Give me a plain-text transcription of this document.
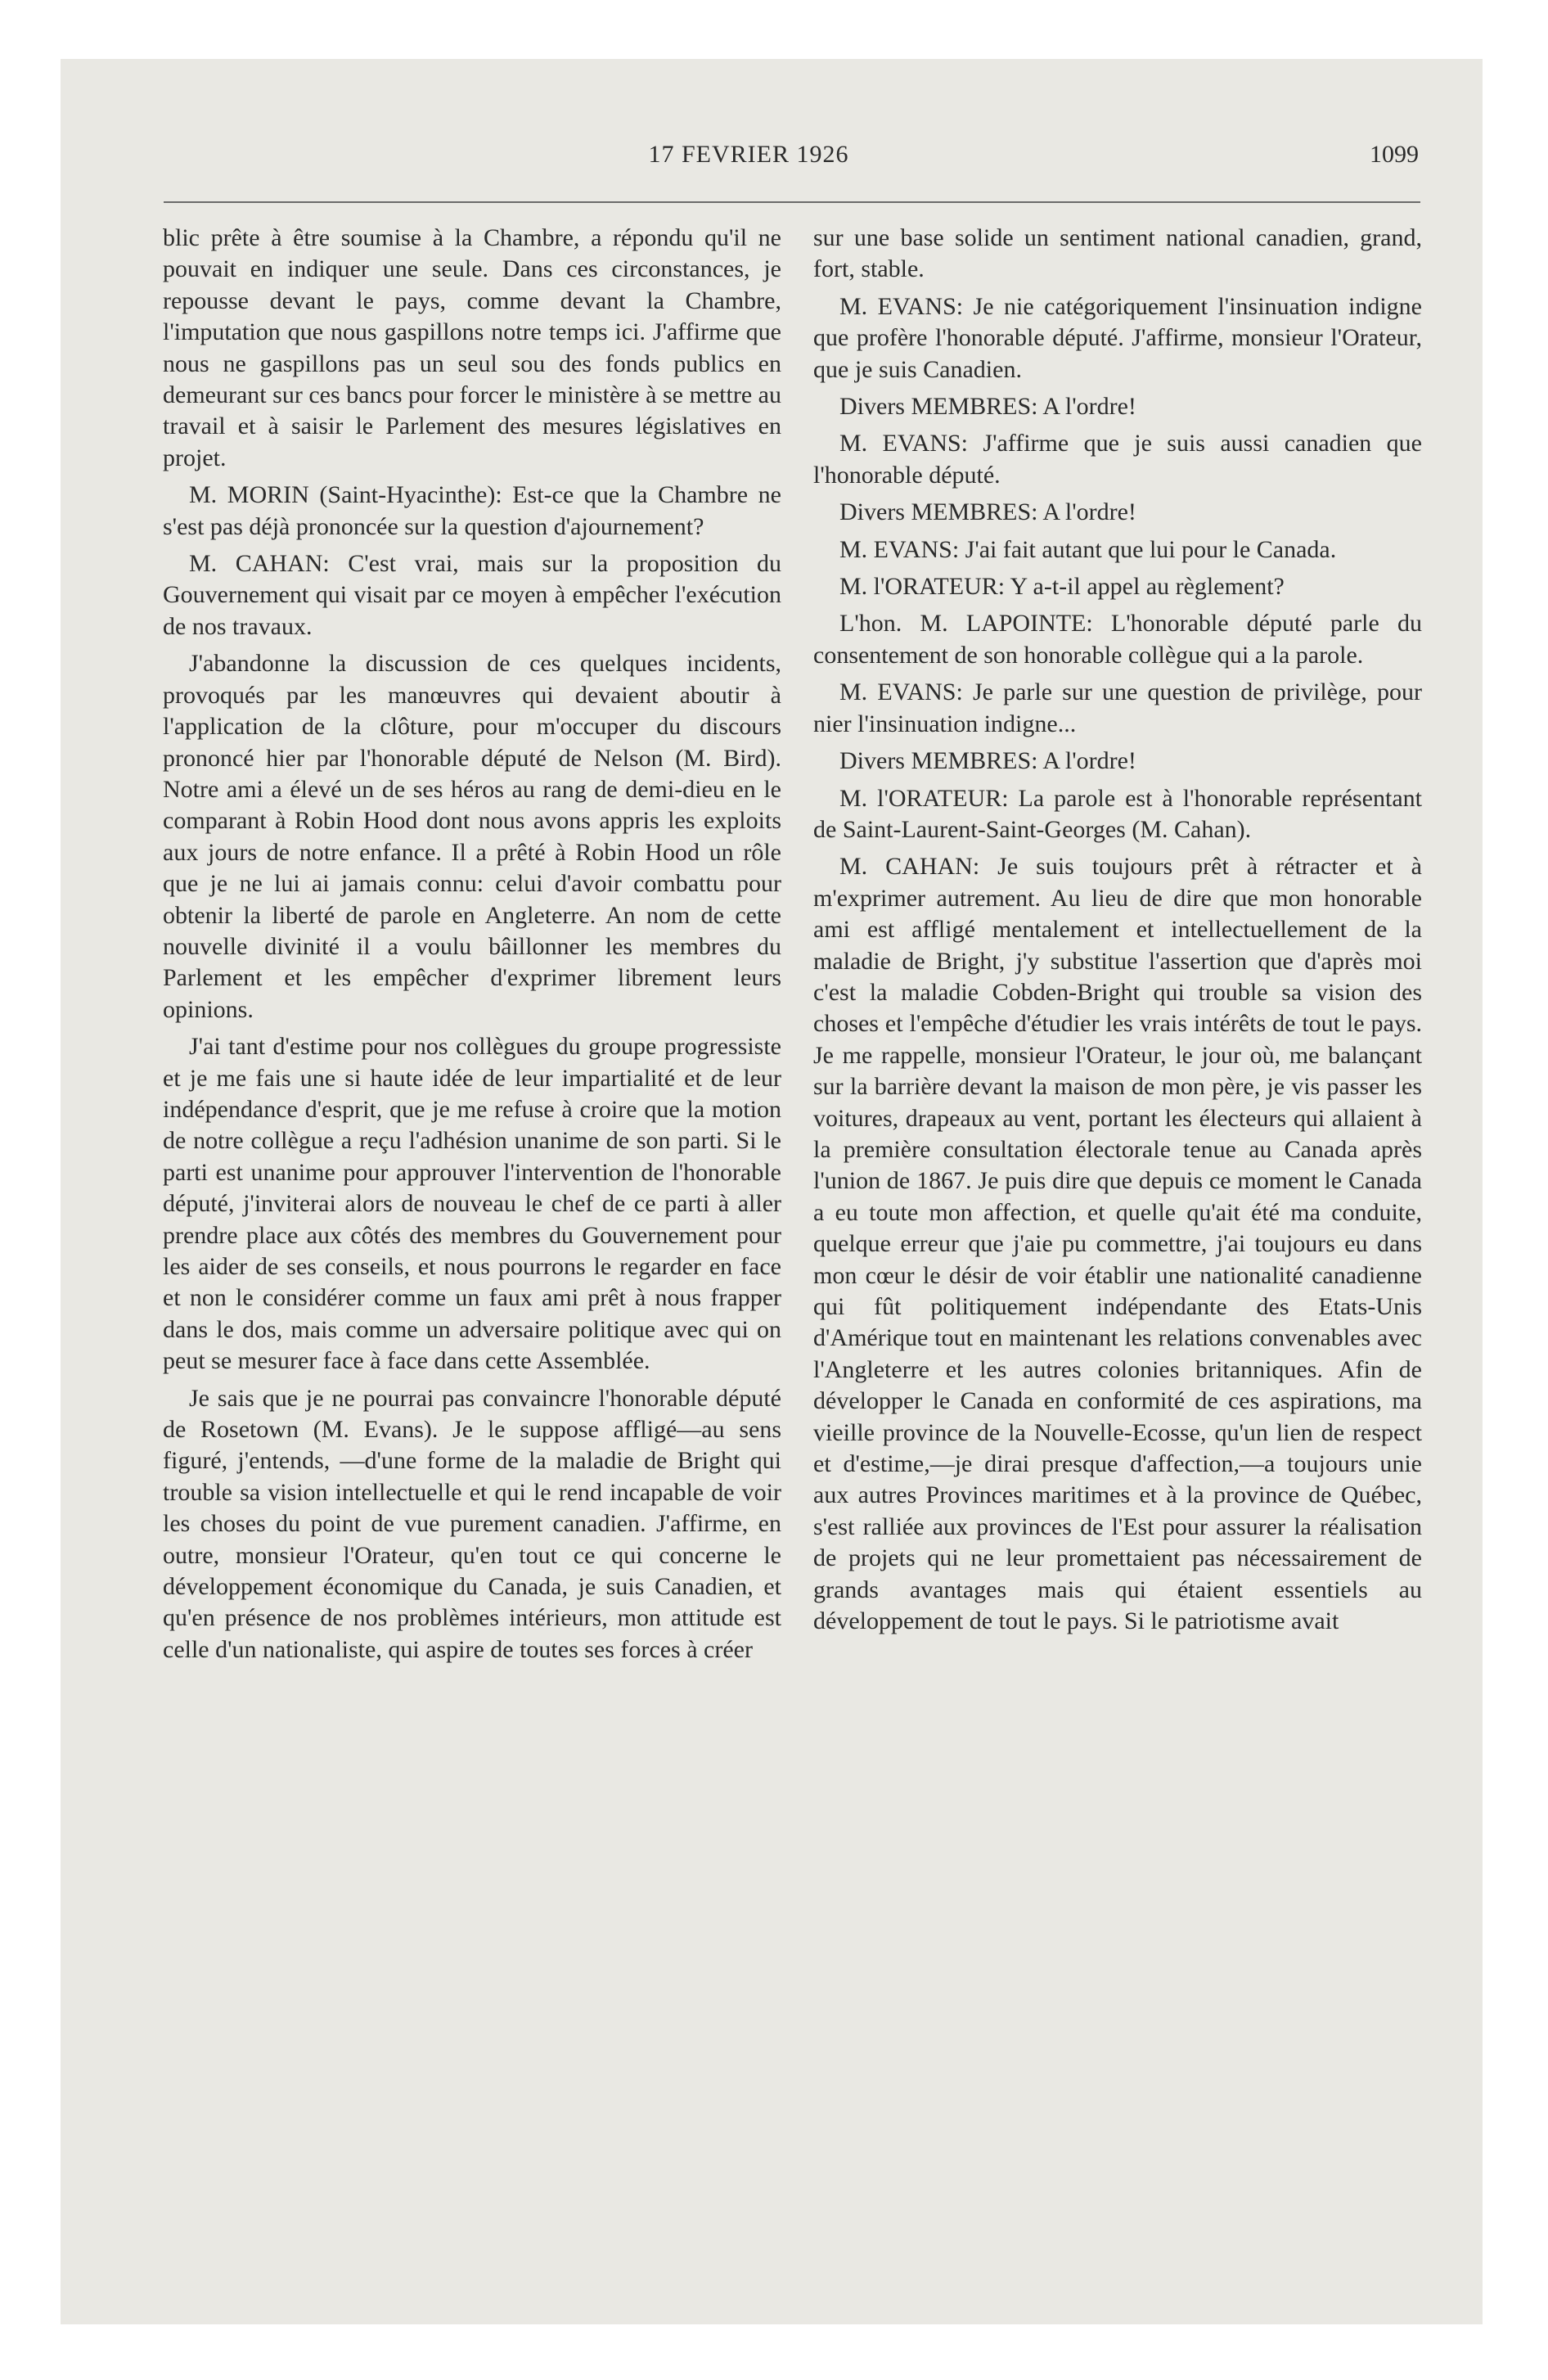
17 FEVRIER 1926	1099

blic prête à être soumise à la Chambre, a répondu qu'il ne pouvait en indiquer une seule. Dans ces circonstances, je repousse devant le pays, comme devant la Chambre, l'imputation que nous gaspillons notre temps ici. J'affirme que nous ne gaspillons pas un seul sou des fonds publics en demeurant sur ces bancs pour forcer le ministère à se mettre au travail et à saisir le Parlement des mesures législatives en projet.

M. MORIN (Saint-Hyacinthe): Est-ce que la Chambre ne s'est pas déjà prononcée sur la question d'ajournement?

M. CAHAN: C'est vrai, mais sur la proposition du Gouvernement qui visait par ce moyen à empêcher l'exécution de nos travaux.

J'abandonne la discussion de ces quelques incidents, provoqués par les manœuvres qui devaient aboutir à l'application de la clôture, pour m'occuper du discours prononcé hier par l'honorable député de Nelson (M. Bird). Notre ami a élevé un de ses héros au rang de demi-dieu en le comparant à Robin Hood dont nous avons appris les exploits aux jours de notre enfance. Il a prêté à Robin Hood un rôle que je ne lui ai jamais connu: celui d'avoir combattu pour obtenir la liberté de parole en Angleterre. An nom de cette nouvelle divinité il a voulu bâillonner les membres du Parlement et les empêcher d'exprimer librement leurs opinions.

J'ai tant d'estime pour nos collègues du groupe progressiste et je me fais une si haute idée de leur impartialité et de leur indépendance d'esprit, que je me refuse à croire que la motion de notre collègue a reçu l'adhésion unanime de son parti. Si le parti est unanime pour approuver l'intervention de l'honorable député, j'inviterai alors de nouveau le chef de ce parti à aller prendre place aux côtés des membres du Gouvernement pour les aider de ses conseils, et nous pourrons le regarder en face et non le considérer comme un faux ami prêt à nous frapper dans le dos, mais comme un adversaire politique avec qui on peut se mesurer face à face dans cette Assemblée.

Je sais que je ne pourrai pas convaincre l'honorable député de Rosetown (M. Evans). Je le suppose affligé—au sens figuré, j'entends, —d'une forme de la maladie de Bright qui trouble sa vision intellectuelle et qui le rend incapable de voir les choses du point de vue purement canadien. J'affirme, en outre, monsieur l'Orateur, qu'en tout ce qui concerne le développement économique du Canada, je suis Canadien, et qu'en présence de nos problèmes intérieurs, mon attitude est celle d'un nationaliste, qui aspire de toutes ses forces à créer

sur une base solide un sentiment national canadien, grand, fort, stable.

M. EVANS: Je nie catégoriquement l'insinuation indigne que profère l'honorable député. J'affirme, monsieur l'Orateur, que je suis Canadien.

Divers MEMBRES: A l'ordre!

M. EVANS: J'affirme que je suis aussi canadien que l'honorable député.

Divers MEMBRES: A l'ordre!

M. EVANS: J'ai fait autant que lui pour le Canada.

M. l'ORATEUR: Y a-t-il appel au règlement?

L'hon. M. LAPOINTE: L'honorable député parle du consentement de son honorable collègue qui a la parole.

M. EVANS: Je parle sur une question de privilège, pour nier l'insinuation indigne...

Divers MEMBRES: A l'ordre!

M. l'ORATEUR: La parole est à l'honorable représentant de Saint-Laurent-Saint-Georges (M. Cahan).

M. CAHAN: Je suis toujours prêt à rétracter et à m'exprimer autrement. Au lieu de dire que mon honorable ami est affligé mentalement et intellectuellement de la maladie de Bright, j'y substitue l'assertion que d'après moi c'est la maladie Cobden-Bright qui trouble sa vision des choses et l'empêche d'étudier les vrais intérêts de tout le pays. Je me rappelle, monsieur l'Orateur, le jour où, me balançant sur la barrière devant la maison de mon père, je vis passer les voitures, drapeaux au vent, portant les électeurs qui allaient à la première consultation électorale tenue au Canada après l'union de 1867. Je puis dire que depuis ce moment le Canada a eu toute mon affection, et quelle qu'ait été ma conduite, quelque erreur que j'aie pu commettre, j'ai toujours eu dans mon cœur le désir de voir établir une nationalité canadienne qui fût politiquement indépendante des Etats-Unis d'Amérique tout en maintenant les relations convenables avec l'Angleterre et les autres colonies britanniques. Afin de développer le Canada en conformité de ces aspirations, ma vieille province de la Nouvelle-Ecosse, qu'un lien de respect et d'estime,—je dirai presque d'affection,—a toujours unie aux autres Provinces maritimes et à la province de Québec, s'est ralliée aux provinces de l'Est pour assurer la réalisation de projets qui ne leur promettaient pas nécessairement de grands avantages mais qui étaient essentiels au développement de tout le pays. Si le patriotisme avait
